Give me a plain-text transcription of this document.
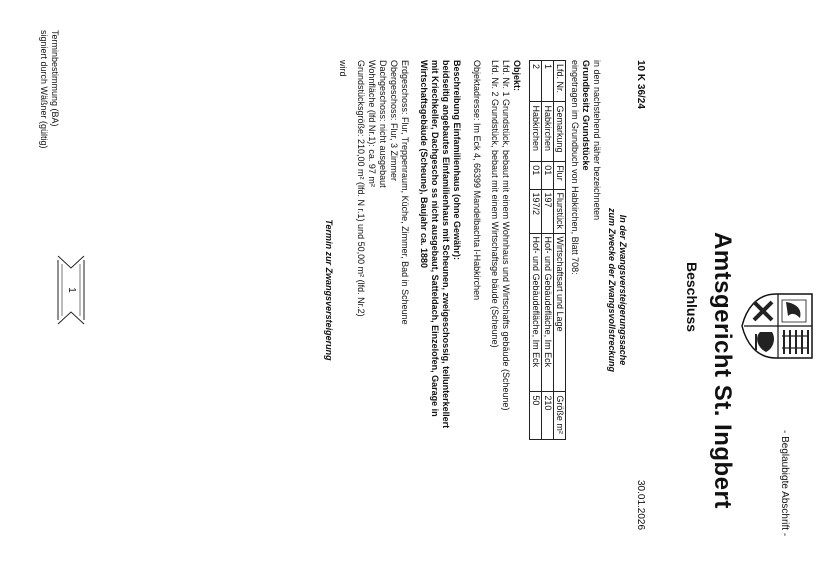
- Beglaubigte Abschrift -
Amtsgericht St. Ingbert
Beschluss
10 K 36/24
30.01.2026
In der Zwangsversteigerungssache
zum Zwecke der Zwangsvollstreckung
in den nachstehend näher bezeichneten
Grundbesitz Grundstücke
eingetragen im Grundbuch von Habkirchen, Blatt 708:
Lfd. Nr.	Gemarkung	Flur	Flurstück	Wirtschaftsart und Lage	Größe m²
1	Habkirchen	01	197	Hof- und Gebäudefläche, Im Eck	210
2	Habkirchen	01	197/2	Hof- und Gebäudefläche, Im Eck	50
Objekt:
Lfd. Nr. 1 Grundstück, bebaut mit einem Wohnhaus und Wirtschafts gebäude (Scheune)
Lfd. Nr. 2 Grundstück, bebaut mit einem Wirtschaftsge bäude (Scheune)
Objektadresse: Im Eck 4, 66399 Mandelbachta l-Habkirchen
Beschreibung Einfamilienhaus (ohne Gewähr):
beidseitig angebautes Einfamilienhaus mit Scheunen, zweigeschossig, teilunterkellert
mit Kriechkeller, Dachgescho ss nicht ausgebaut, Satteldach, Einzelofen, Garage in
Wirtschaftsgebäude (Scheune), Baujahr ca. 1880
Erdgeschoss: Flur, Treppenraum, Küche, Zimmer, Bad in Scheune
Obergeschoss: Flur, 3 Zimmer
Dachgeschoss: nicht ausgebaut
Wohnfläche (lfd Nr.1): ca. 97 m²
Grundstücksgröße: 210,00 m² (lfd. N r.1) und 50,00 m² (lfd. Nr.2)
wird
Termin zur Zwangsversteigerung
1
Terminbestimmung (BA)
signiert durch Wäßner (gültig)
